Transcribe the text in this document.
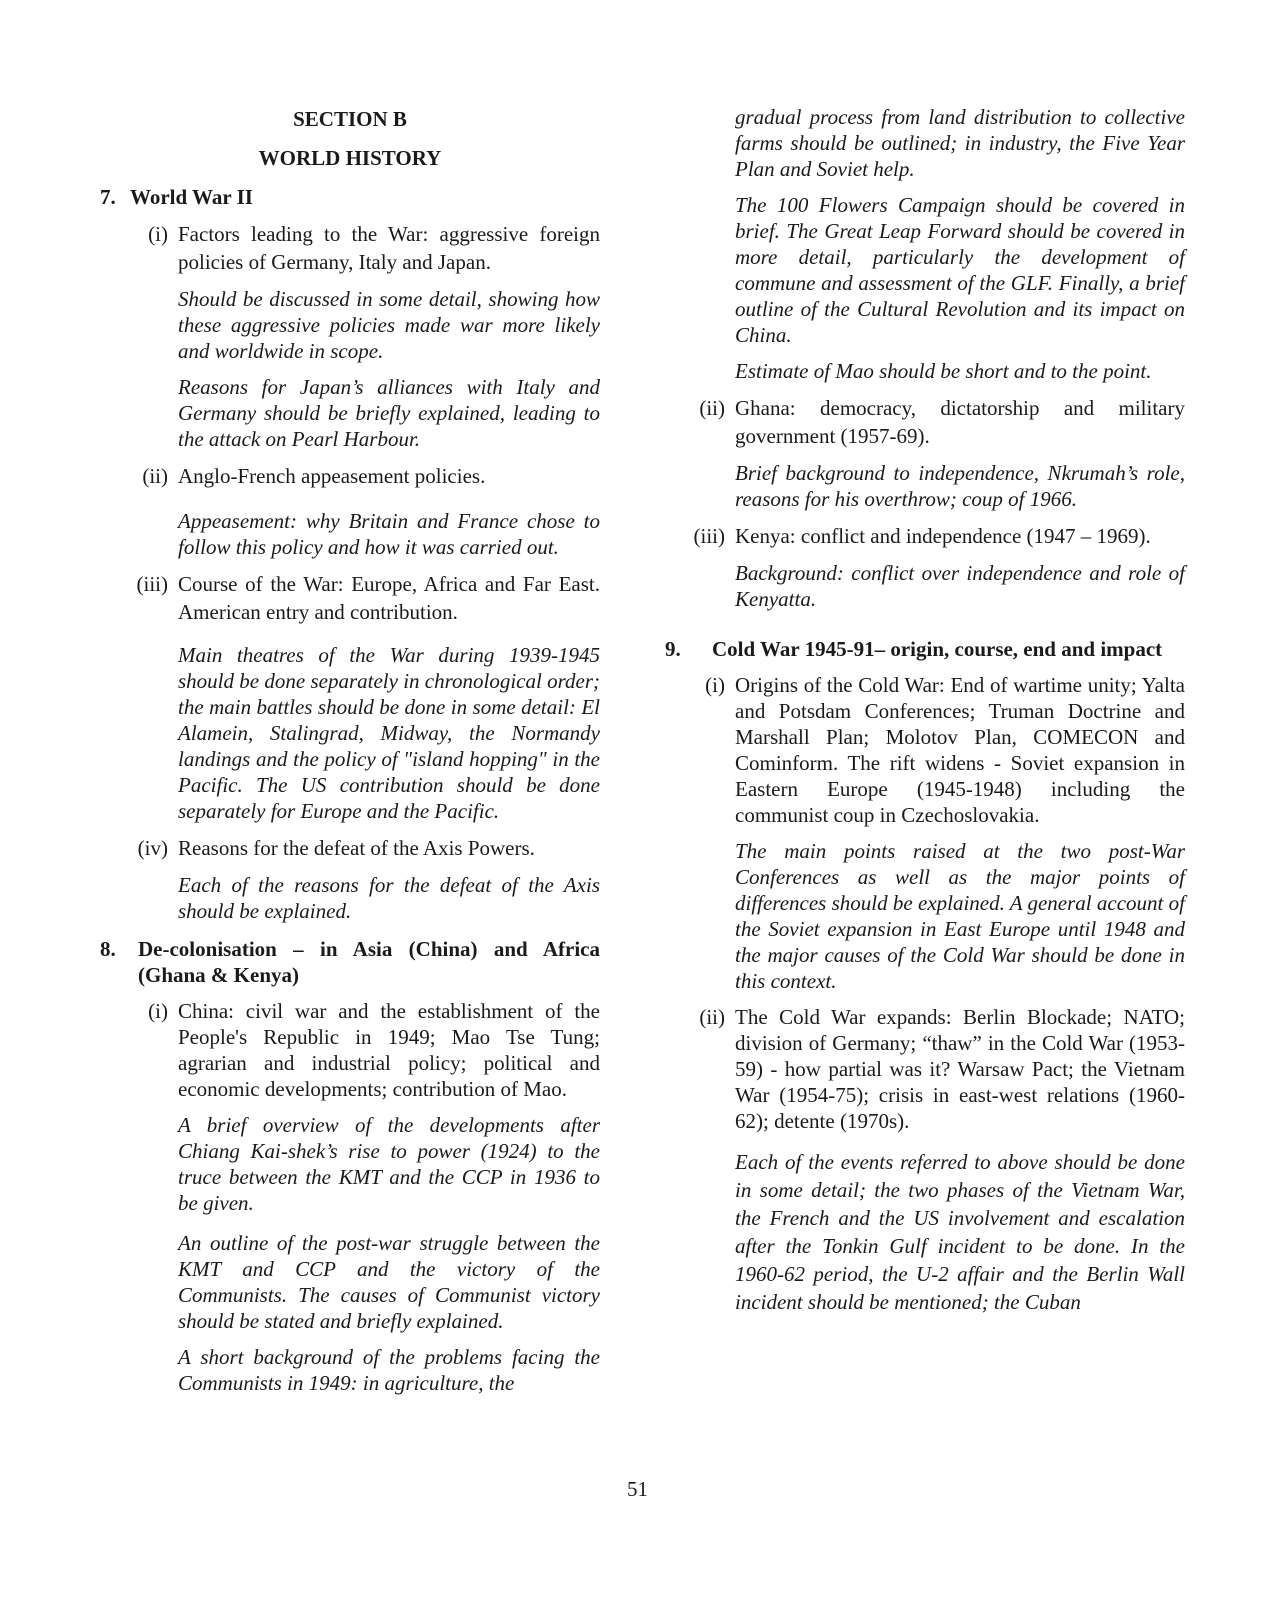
SECTION B
WORLD HISTORY
7. World War II
(i) Factors leading to the War: aggressive foreign policies of Germany, Italy and Japan.
Should be discussed in some detail, showing how these aggressive policies made war more likely and worldwide in scope.
Reasons for Japan’s alliances with Italy and Germany should be briefly explained, leading to the attack on Pearl Harbour.
(ii) Anglo-French appeasement policies.
Appeasement: why Britain and France chose to follow this policy and how it was carried out.
(iii) Course of the War: Europe, Africa and Far East. American entry and contribution.
Main theatres of the War during 1939-1945 should be done separately in chronological order; the main battles should be done in some detail: El Alamein, Stalingrad, Midway, the Normandy landings and the policy of "island hopping" in the Pacific. The US contribution should be done separately for Europe and the Pacific.
(iv) Reasons for the defeat of the Axis Powers.
Each of the reasons for the defeat of the Axis should be explained.
8.	De-colonisation – in Asia (China) and Africa (Ghana & Kenya)
(i) China: civil war and the establishment of the People's Republic in 1949; Mao Tse Tung; agrarian and industrial policy; political and economic developments; contribution of Mao.
A brief overview of the developments after Chiang Kai-shek’s rise to power (1924) to the truce between the KMT and the CCP in 1936 to be given.
An outline of the post-war struggle between the KMT and CCP and the victory of the Communists. The causes of Communist victory should be stated and briefly explained.
A short background of the problems facing the Communists in 1949: in agriculture, the
gradual process from land distribution to collective farms should be outlined; in industry, the Five Year Plan and Soviet help.
The 100 Flowers Campaign should be covered in brief. The Great Leap Forward should be covered in more detail, particularly the development of commune and assessment of the GLF. Finally, a brief outline of the Cultural Revolution and its impact on China.
Estimate of Mao should be short and to the point.
(ii) Ghana: democracy, dictatorship and military government (1957-69).
Brief background to independence, Nkrumah’s role, reasons for his overthrow; coup of 1966.
(iii) Kenya: conflict and independence (1947 – 1969).
Background: conflict over independence and role of Kenyatta.
9.	Cold War 1945-91– origin, course, end and impact
(i) Origins of the Cold War: End of wartime unity; Yalta and Potsdam Conferences; Truman Doctrine and Marshall Plan; Molotov Plan, COMECON and Cominform. The rift widens - Soviet expansion in Eastern Europe (1945-1948) including the communist coup in Czechoslovakia.
The main points raised at the two post-War Conferences as well as the major points of differences should be explained. A general account of the Soviet expansion in East Europe until 1948 and the major causes of the Cold War should be done in this context.
(ii) The Cold War expands: Berlin Blockade; NATO; division of Germany; “thaw” in the Cold War (1953-59) - how partial was it? Warsaw Pact; the Vietnam War (1954-75); crisis in east-west relations (1960-62); detente (1970s).
Each of the events referred to above should be done in some detail; the two phases of the Vietnam War, the French and the US involvement and escalation after the Tonkin Gulf incident to be done. In the 1960-62 period, the U-2 affair and the Berlin Wall incident should be mentioned; the Cuban
51
